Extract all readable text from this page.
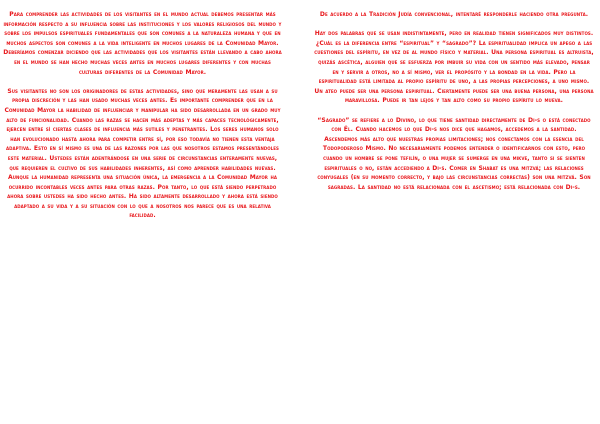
Para comprender las actividades de los visitantes en el mundo actual debemos presentar más información respecto a su influencia sobre las instituciones y los valores religiosos del mundo y sobre los impulsos espirituales fundamentales que son comunes a la naturaleza humana y que en muchos aspectos son comunes a la vida inteligente en muchos lugares de la Comunidad Mayor. Deberíamos comenzar diciendo que las actividades que los visitantes están llevando a cabo ahora en el mundo se han hecho muchas veces antes en muchos lugares diferentes y con muchas culturas diferentes de la Comunidad Mayor.

Sus visitantes no son los originadores de estas actividades, sino que meramente las usan a su propia discreción y las han usado muchas veces antes. Es importante comprender que en la Comunidad Mayor la habilidad de influenciar y manipular ha sido desarrollada en un grado muy alto de funcionalidad. Cuando las razas se hacen más adeptas y más capaces tecnológicamente, ejercen entre sí ciertas clases de influencia más sutiles y penetrantes. Los seres humanos solo han evolucionado hasta ahora para competir entre sí, por eso todavía no tienen esta ventaja adaptiva. Esto en sí mismo es una de las razones por las que nosotros estamos presentándoles este material. Ustedes están adentrándose en una serie de circunstancias enteramente nuevas, que requieren el cultivo de sus habilidades inherentes, así como aprender habilidades nuevas. Aunque la humanidad representa una situación única, la emergencia a la Comunidad Mayor ha ocurrido incontables veces antes para otras razas. Por tanto, lo que está siendo perpetrado ahora sobre ustedes ha sido hecho antes. Ha sido altamente desarrollado y ahora está siendo adaptado a su vida y a su situación con lo que a nosotros nos parece que es una relativa facilidad.

De acuerdo a la Tradición Judía convencional, intentaré responderle haciendo otra pregunta.

Hay dos palabras que se usan indistintamente, pero en realidad tienen significados muy distintos. ¿Cuál es la diferencia entre “espiritual” y “sagrado”? La espiritualidad implica un apego a las cuestiones del espíritu, en vez de al mundo físico y material. Una persona espiritual es altruista, quizás ascética, alguien que se esfuerza por imbuir su vida con un sentido más elevado, pensar en y servir a otros, no a sí mismo, ver el propósito y la bondad en la vida. Pero la espiritualidad está limitada al propio espíritu de uno, a las propias percepciones, a uno mismo. Un ateo puede ser una persona espiritual. Ciertamente puede ser una buena persona, una persona maravillosa. Puede ir tan lejos y tan alto como su propio espíritu lo mueva.

“Sagrado” se refiere a lo Divino, lo que tiene santidad directamente de Di-s o está conectado con Él. Cuando hacemos lo que Di-s nos dice que hagamos, accedemos a la santidad. Ascendemos más alto que nuestras propias limitaciones; nos conectamos con la esencia del Todopoderoso Mismo. No necesariamente podemos entender o identificarnos con esto, pero cuando un hombre se pone tefilín, o una mujer se sumerge en una mikve, tanto si se sienten espirituales o no, están accediendo a Di-s. Comer en Shabat es una mitzvá; las relaciones conyugales (en su momento correcto, y bajo las circunstancias correctas) son una mitzvá. Son sagradas. La santidad no está relacionada con el ascetismo; está relacionada con Di-s.
